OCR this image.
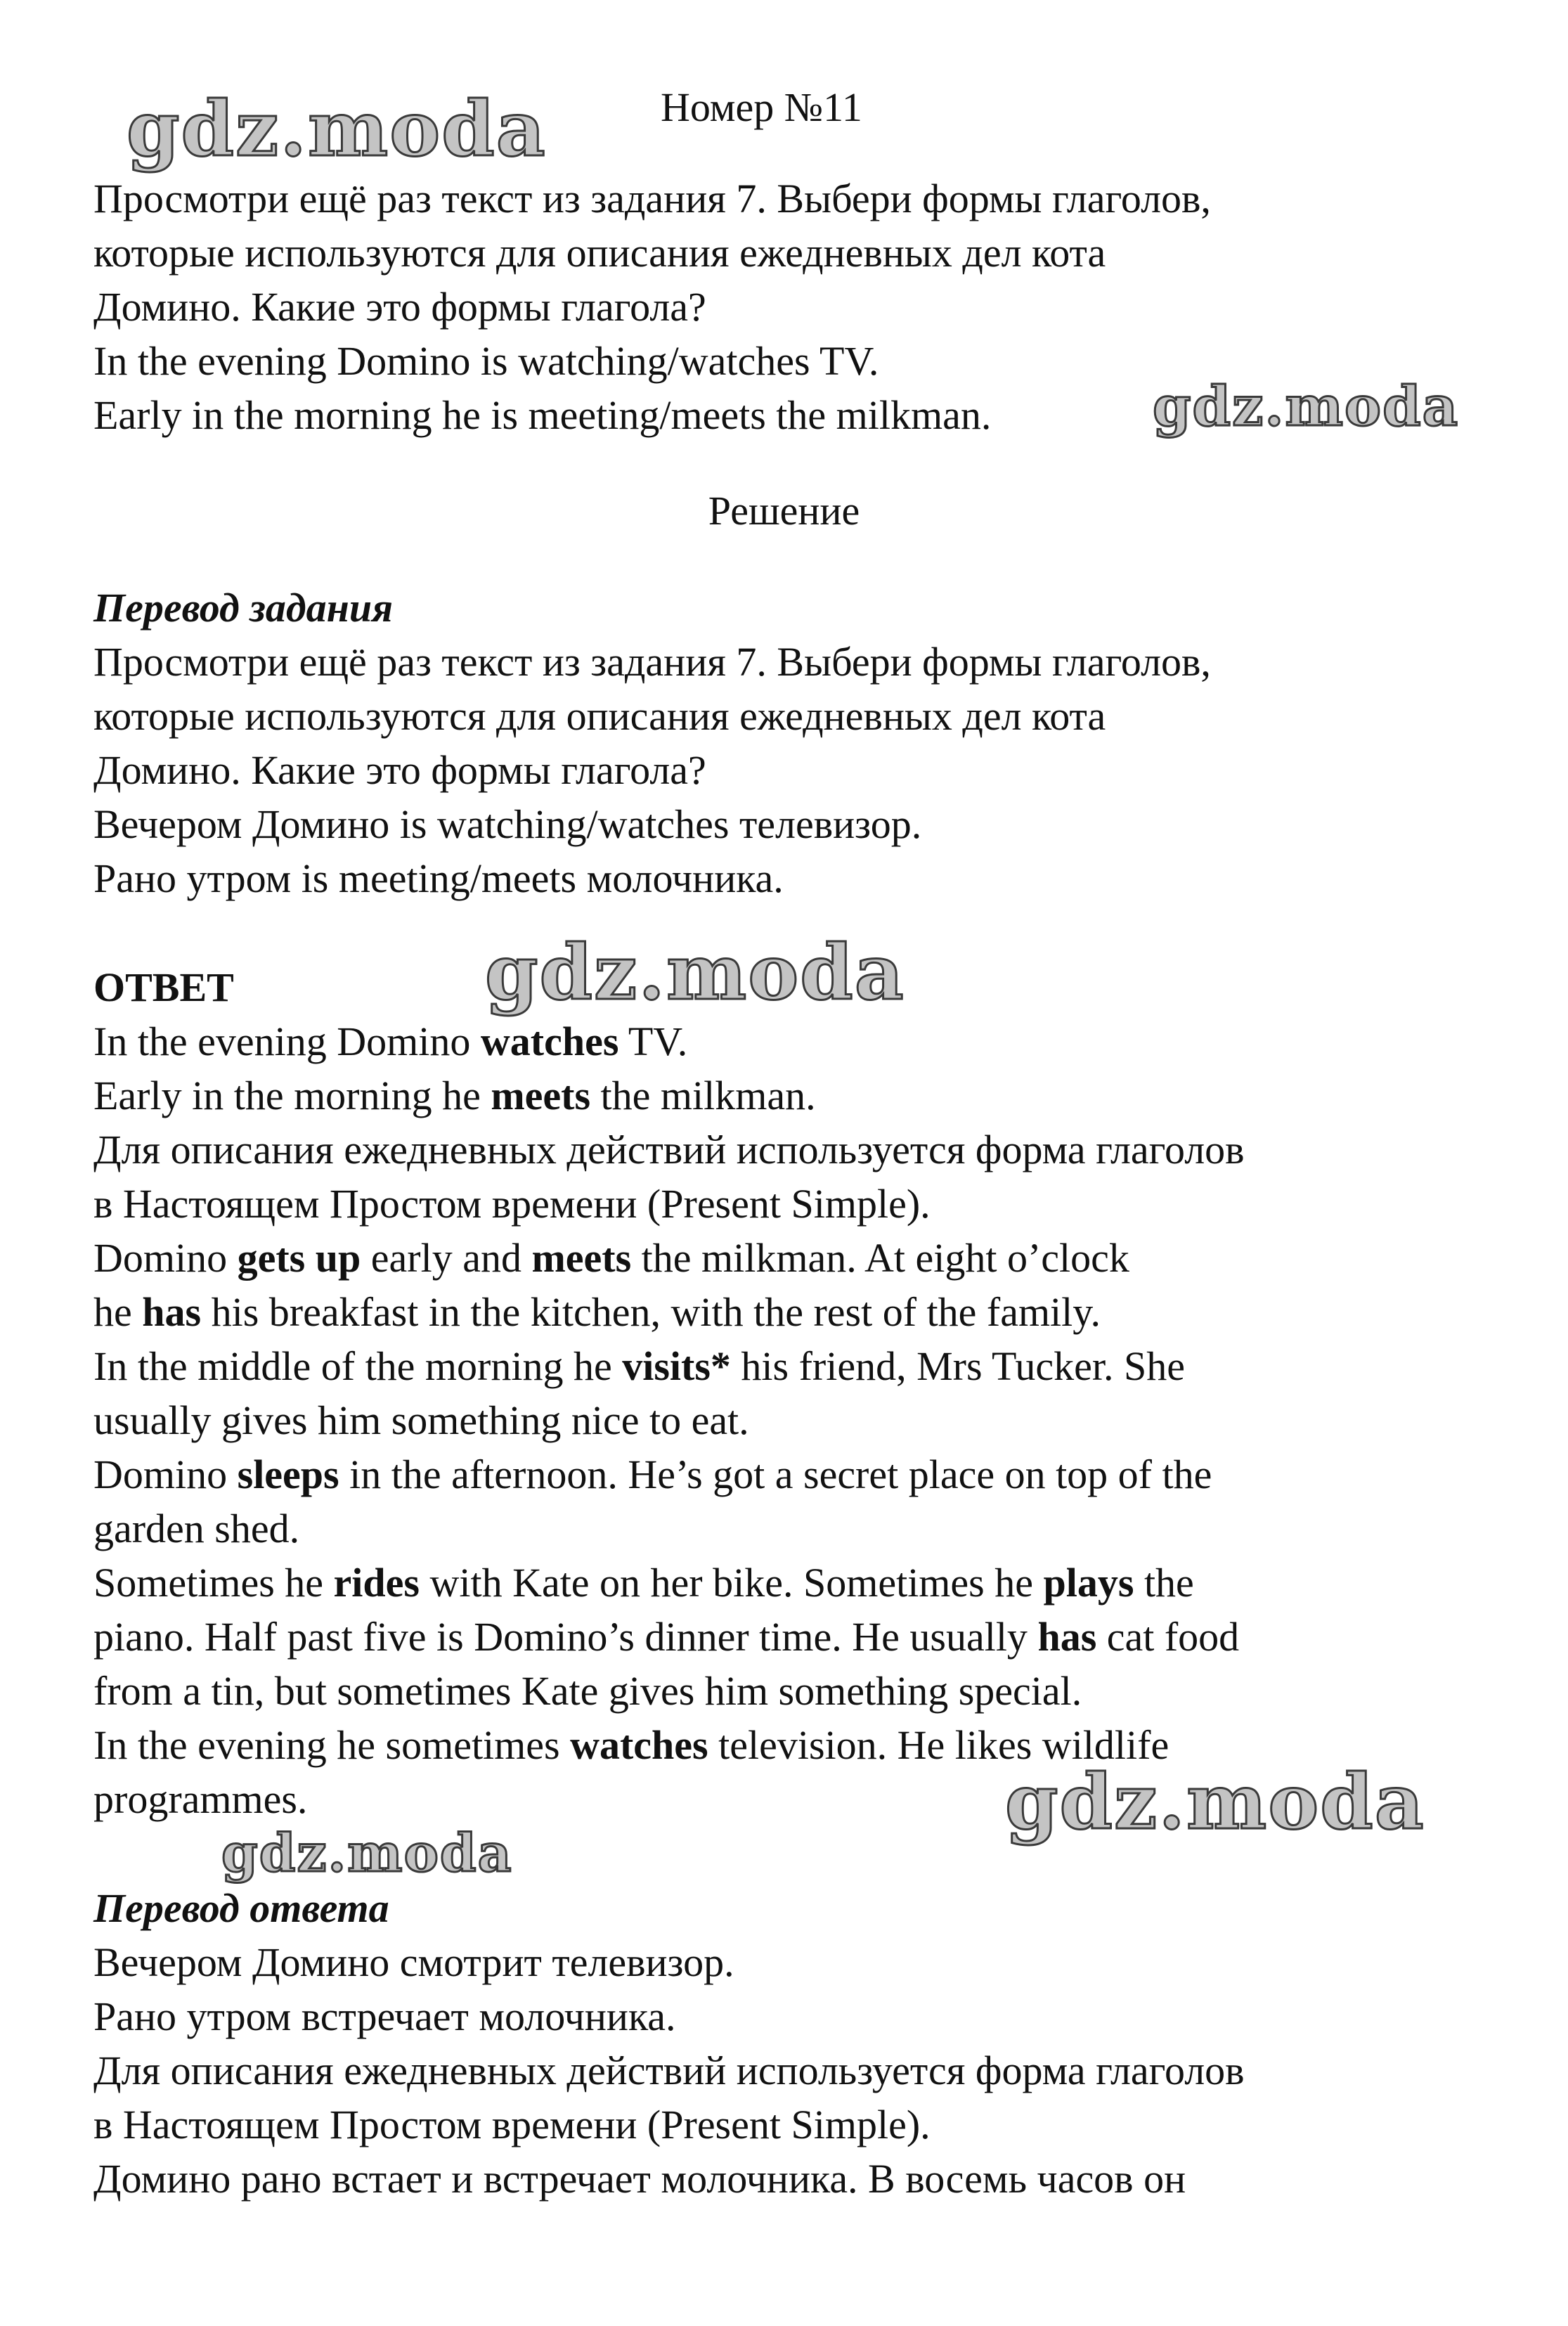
Номер №11

Просмотри ещё раз текст из задания 7. Выбери формы глаголов,

которые используются для описания ежедневных дел кота

Домино. Какие это формы глагола?

In the evening Domino is watching/watches TV.

Early in the morning he is meeting/meets the milkman.

Решение

Перевод задания

Просмотри ещё раз текст из задания 7. Выбери формы глаголов,

которые используются для описания ежедневных дел кота

Домино. Какие это формы глагола?

Вечером Домино is watching/watches телевизор.

Рано утром is meeting/meets молочника.

ОТВЕТ

In the evening Domino watches TV.

Early in the morning he meets the milkman.

Для описания ежедневных действий используется форма глаголов

в Настоящем Простом времени (Present Simple).

Domino gets up early and meets the milkman. At eight o’clock

he has his breakfast in the kitchen, with the rest of the family.

In the middle of the morning he visits* his friend, Mrs Tucker. She

usually gives him something nice to eat.

Domino sleeps in the afternoon. He’s got a secret place on top of the

garden shed.

Sometimes he rides with Kate on her bike. Sometimes he plays the

piano. Half past five is Domino’s dinner time. He usually has cat food

from a tin, but sometimes Kate gives him something special.

In the evening he sometimes watches television. He likes wildlife

programmes.

Перевод ответа

Вечером Домино смотрит телевизор.

Рано утром встречает молочника.

Для описания ежедневных действий используется форма глаголов

в Настоящем Простом времени (Present Simple).

Домино рано встает и встречает молочника. В восемь часов он

gdz.moda
gdz.moda
gdz.moda
gdz.moda
gdz.moda
